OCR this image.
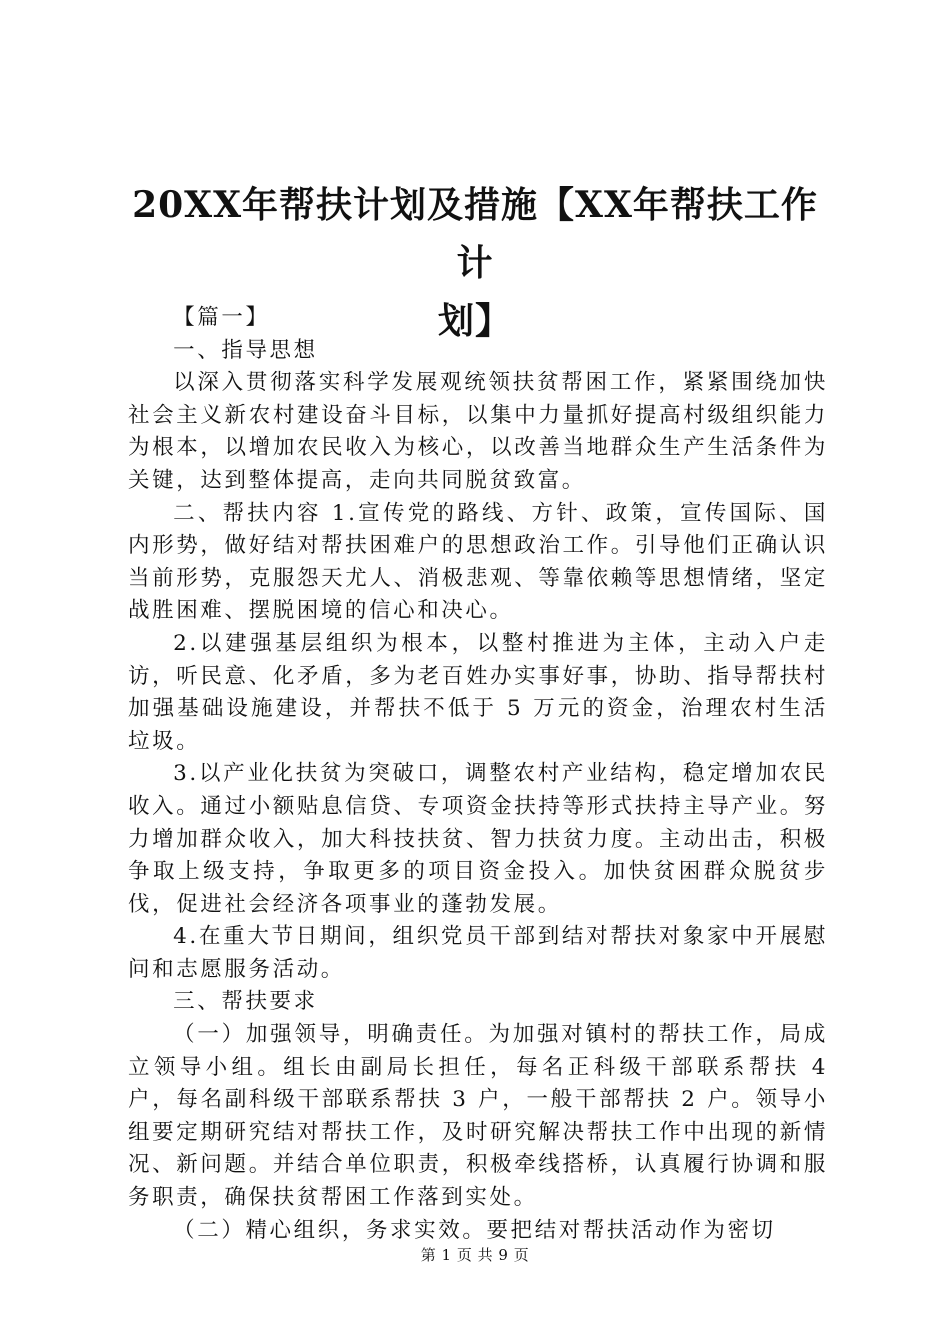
20XX年帮扶计划及措施【XX年帮扶工作计
划】

【篇一】

一、指导思想

以深入贯彻落实科学发展观统领扶贫帮困工作，紧紧围绕加快社会主义新农村建设奋斗目标，以集中力量抓好提高村级组织能力为根本，以增加农民收入为核心，以改善当地群众生产生活条件为关键，达到整体提高，走向共同脱贫致富。

二、帮扶内容 1.宣传党的路线、方针、政策，宣传国际、国内形势，做好结对帮扶困难户的思想政治工作。引导他们正确认识当前形势，克服怨天尤人、消极悲观、等靠依赖等思想情绪，坚定战胜困难、摆脱困境的信心和决心。

2.以建强基层组织为根本，以整村推进为主体，主动入户走访，听民意、化矛盾，多为老百姓办实事好事，协助、指导帮扶村加强基础设施建设，并帮扶不低于 5 万元的资金，治理农村生活垃圾。

3.以产业化扶贫为突破口，调整农村产业结构，稳定增加农民收入。通过小额贴息信贷、专项资金扶持等形式扶持主导产业。努力增加群众收入，加大科技扶贫、智力扶贫力度。主动出击，积极争取上级支持，争取更多的项目资金投入。加快贫困群众脱贫步伐，促进社会经济各项事业的蓬勃发展。

4.在重大节日期间，组织党员干部到结对帮扶对象家中开展慰问和志愿服务活动。

三、帮扶要求

（一）加强领导，明确责任。为加强对镇村的帮扶工作，局成立领导小组。组长由副局长担任，每名正科级干部联系帮扶 4 户，每名副科级干部联系帮扶 3 户，一般干部帮扶 2 户。领导小组要定期研究结对帮扶工作，及时研究解决帮扶工作中出现的新情况、新问题。并结合单位职责，积极牵线搭桥，认真履行协调和服务职责，确保扶贫帮困工作落到实处。

（二）精心组织，务求实效。要把结对帮扶活动作为密切

第 1 页 共 9 页
